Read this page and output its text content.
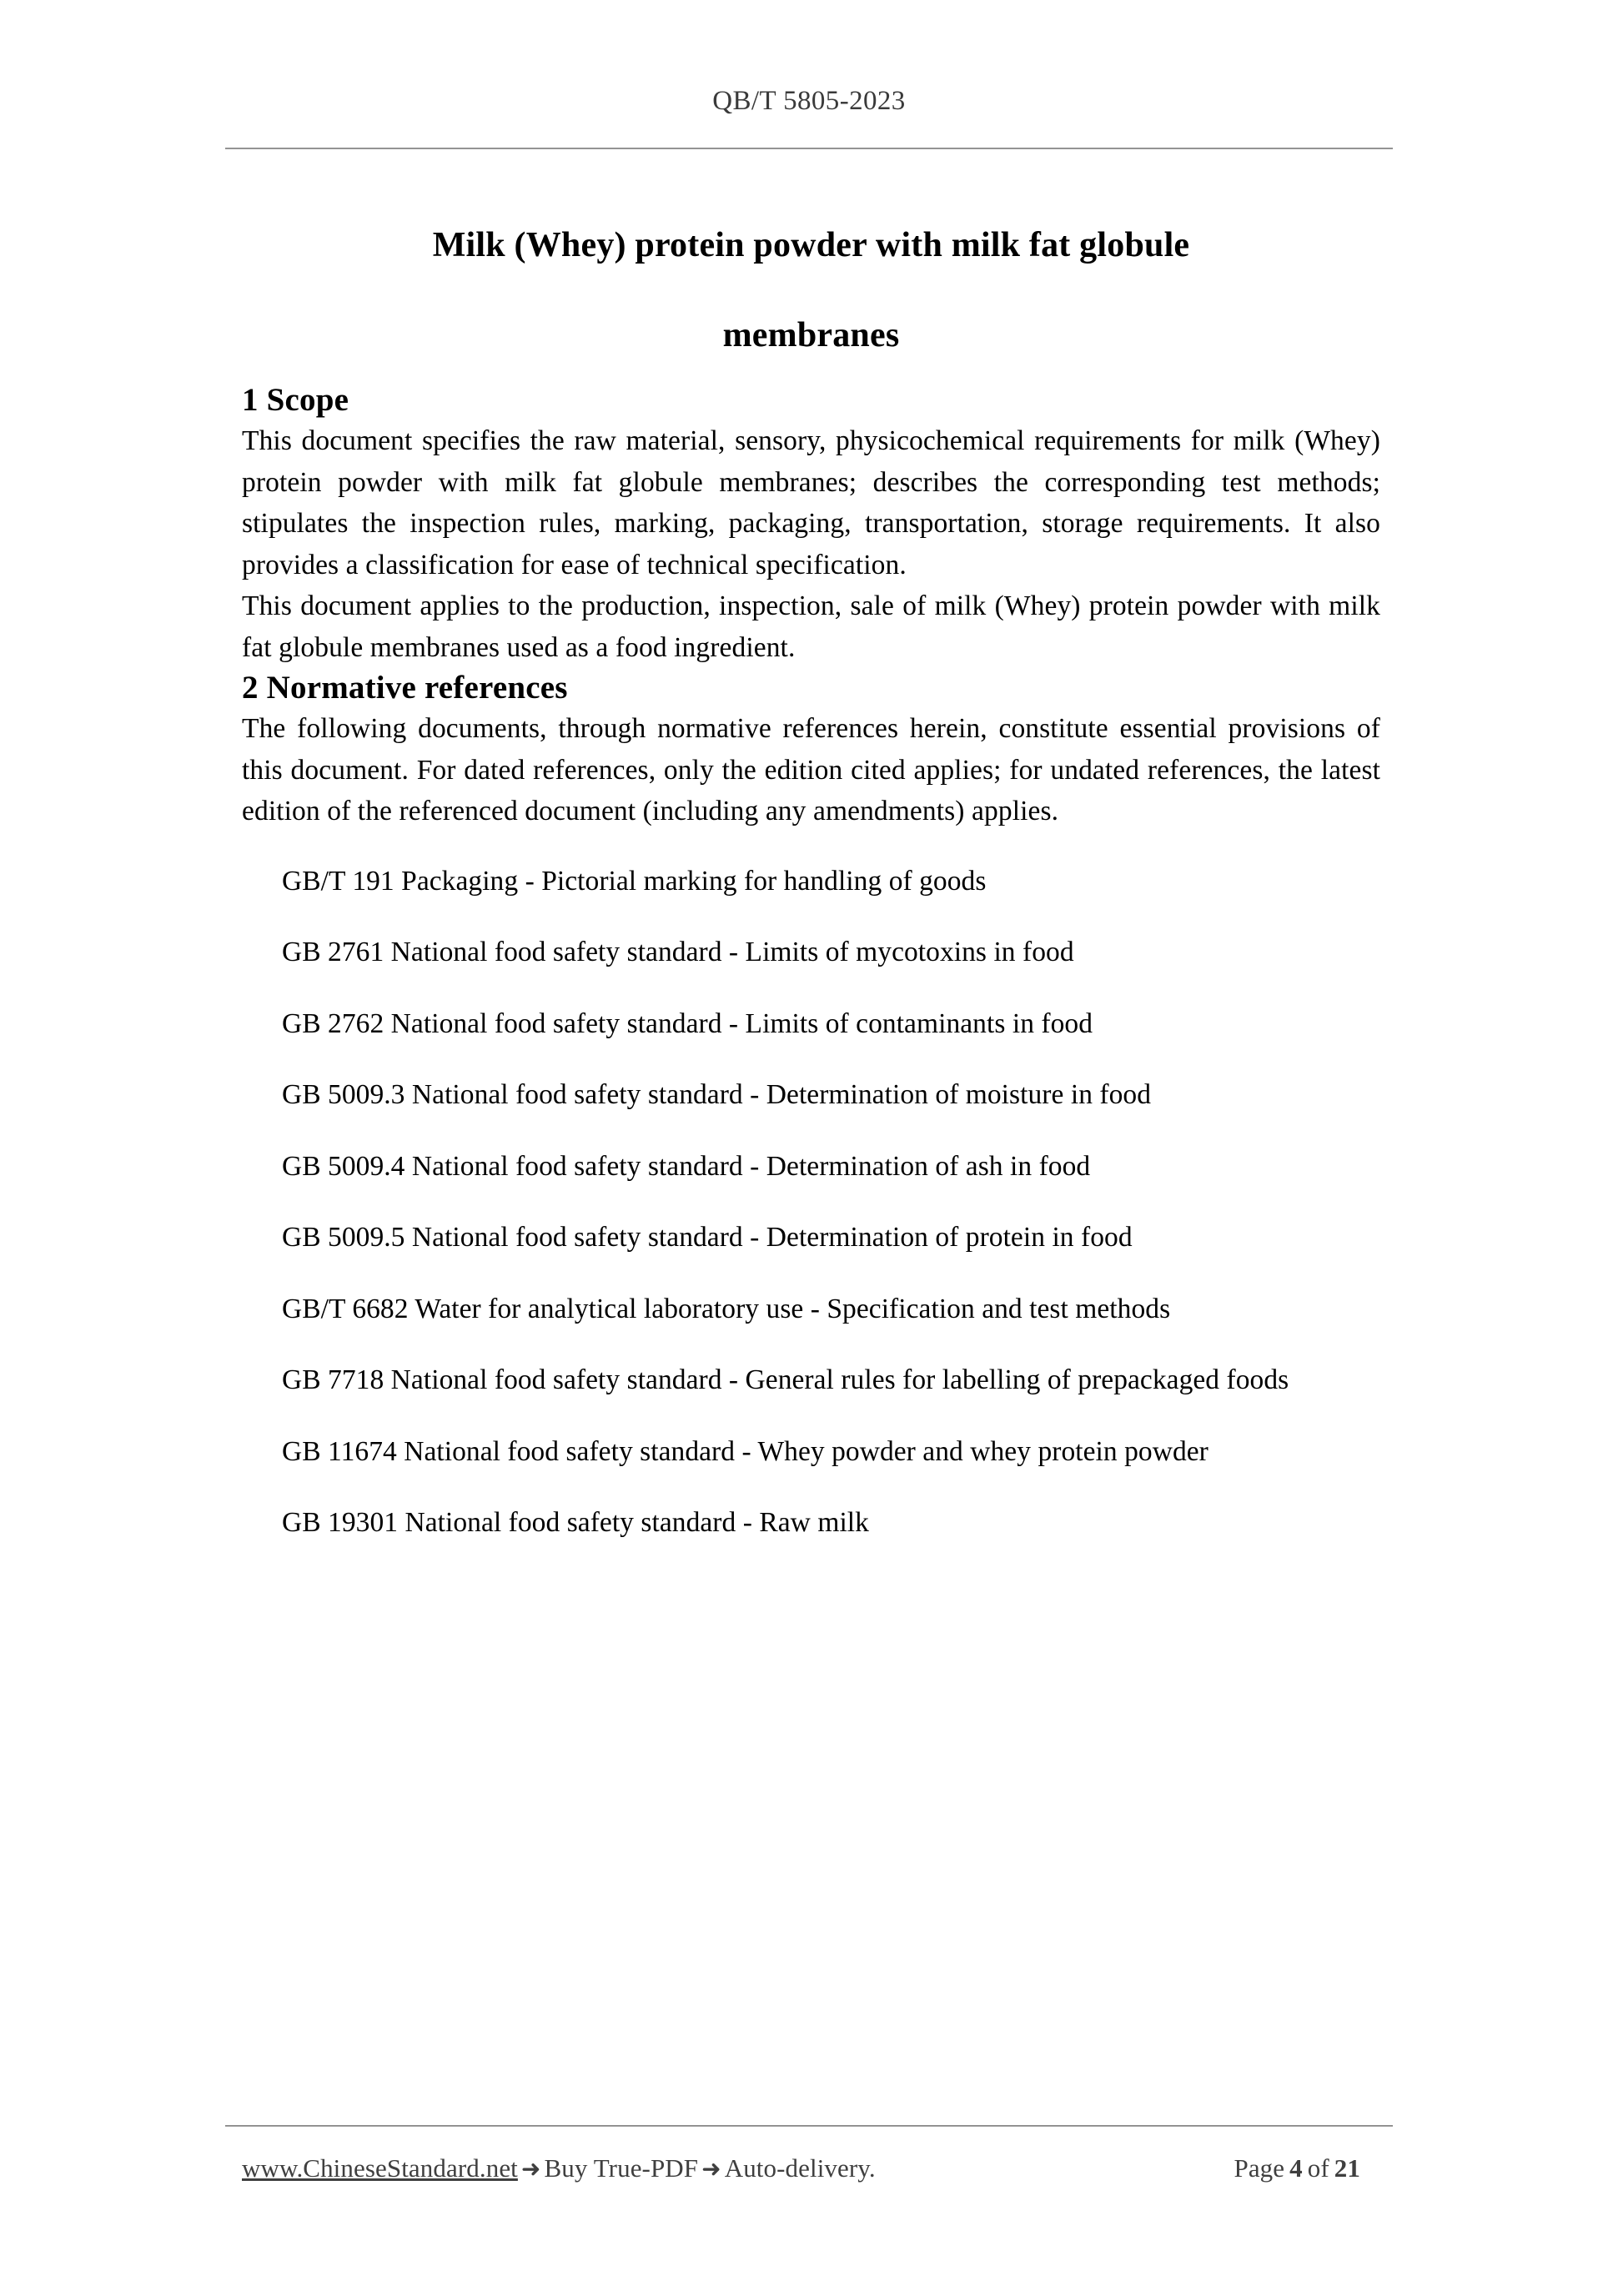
QB/T 5805-2023
Milk (Whey) protein powder with milk fat globule
membranes
1 Scope

This document specifies the raw material, sensory, physicochemical requirements for milk (Whey) protein powder with milk fat globule membranes; describes the corresponding test methods; stipulates the inspection rules, marking, packaging, transportation, storage requirements. It also provides a classification for ease of technical specification.

This document applies to the production, inspection, sale of milk (Whey) protein powder with milk fat globule membranes used as a food ingredient.

2 Normative references

The following documents, through normative references herein, constitute essential provisions of this document. For dated references, only the edition cited applies; for undated references, the latest edition of the referenced document (including any amendments) applies.

GB/T 191 Packaging - Pictorial marking for handling of goods
GB 2761 National food safety standard - Limits of mycotoxins in food
GB 2762 National food safety standard - Limits of contaminants in food
GB 5009.3 National food safety standard - Determination of moisture in food
GB 5009.4 National food safety standard - Determination of ash in food
GB 5009.5 National food safety standard - Determination of protein in food
GB/T 6682 Water for analytical laboratory use - Specification and test methods
GB 7718 National food safety standard - General rules for labelling of prepackaged foods
GB 11674 National food safety standard - Whey powder and whey protein powder
GB 19301 National food safety standard - Raw milk
www.ChineseStandard.net ➜ Buy True-PDF ➜ Auto-delivery.	Page 4 of 21
